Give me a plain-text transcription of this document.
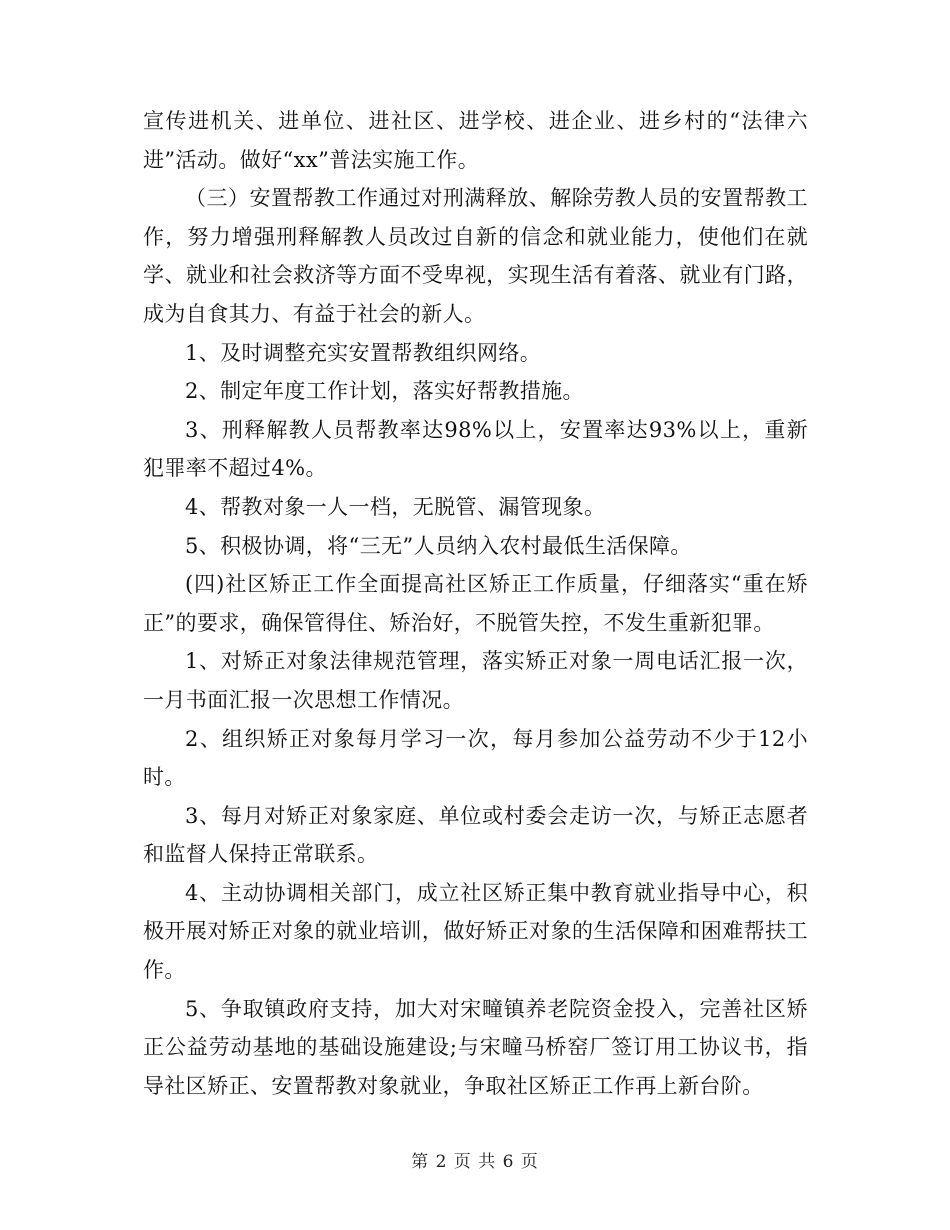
宣传进机关、进单位、进社区、进学校、进企业、进乡村的“法律六进”活动。做好“xx”普法实施工作。

（三）安置帮教工作通过对刑满释放、解除劳教人员的安置帮教工作，努力增强刑释解教人员改过自新的信念和就业能力，使他们在就学、就业和社会救济等方面不受卑视，实现生活有着落、就业有门路，成为自食其力、有益于社会的新人。

1、及时调整充实安置帮教组织网络。

2、制定年度工作计划，落实好帮教措施。

3、刑释解教人员帮教率达98%以上，安置率达93%以上，重新犯罪率不超过4%。

4、帮教对象一人一档，无脱管、漏管现象。

5、积极协调，将“三无”人员纳入农村最低生活保障。

(四)社区矫正工作全面提高社区矫正工作质量，仔细落实“重在矫正”的要求，确保管得住、矫治好，不脱管失控，不发生重新犯罪。

1、对矫正对象法律规范管理，落实矫正对象一周电话汇报一次，一月书面汇报一次思想工作情况。

2、组织矫正对象每月学习一次，每月参加公益劳动不少于12小时。

3、每月对矫正对象家庭、单位或村委会走访一次，与矫正志愿者和监督人保持正常联系。

4、主动协调相关部门，成立社区矫正集中教育就业指导中心，积极开展对矫正对象的就业培训，做好矫正对象的生活保障和困难帮扶工作。

5、争取镇政府支持，加大对宋疃镇养老院资金投入，完善社区矫正公益劳动基地的基础设施建设;与宋疃马桥窑厂签订用工协议书，指导社区矫正、安置帮教对象就业，争取社区矫正工作再上新台阶。

第 2 页 共 6 页
